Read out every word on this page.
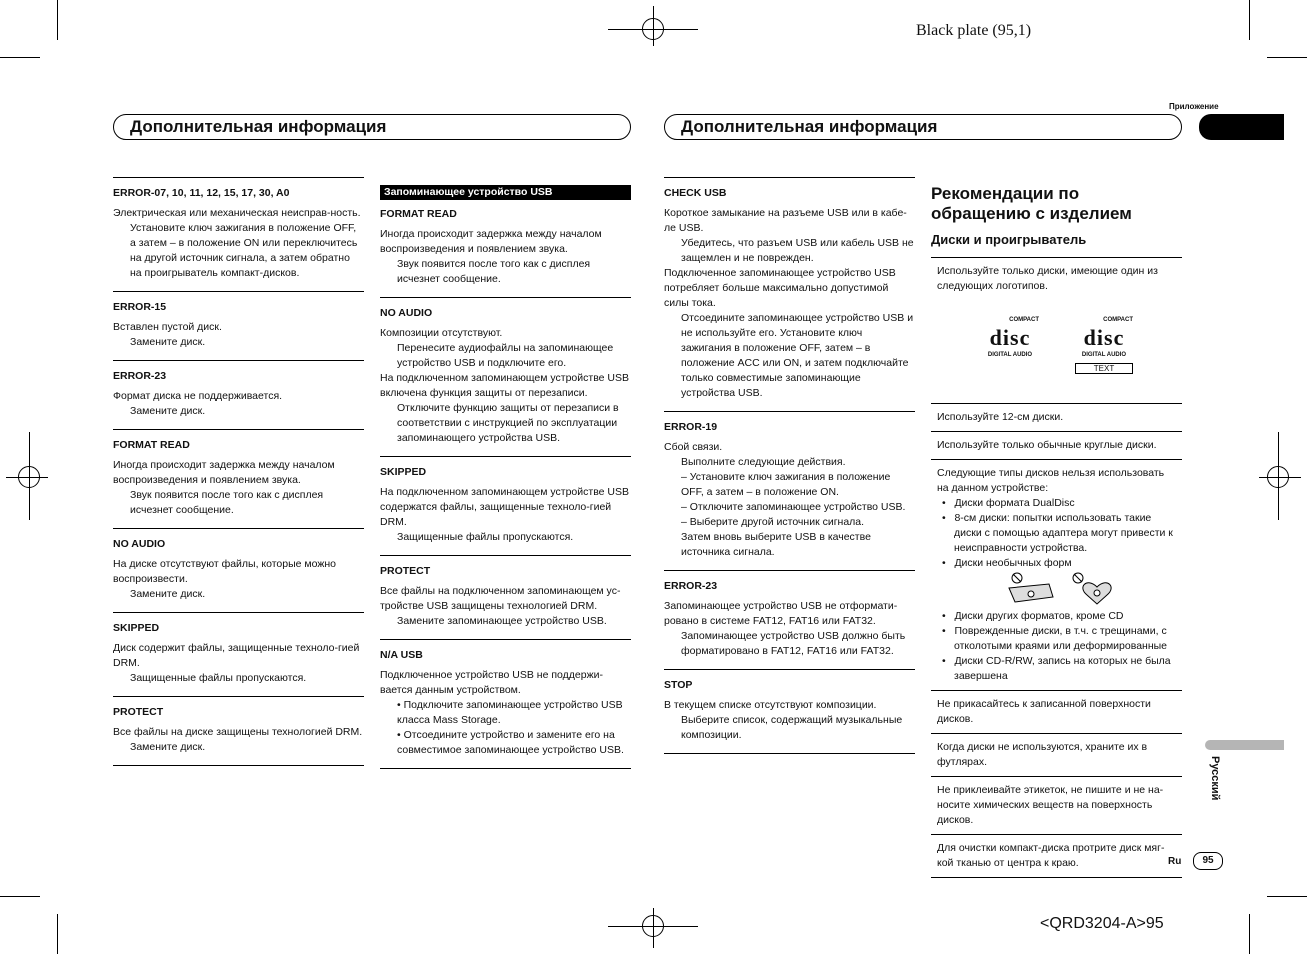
Black plate (95,1)
<QRD3204-A>95
Дополнительная информация	Дополнительная информация
Приложение
Русский
Ru	95

ERROR-07, 10, 11, 12, 15, 17, 30, A0

Электрическая или механическая неисправ-ность.

Установите ключ зажигания в положение OFF, а затем – в положение ON или переключитесь на другой источник сигнала, а затем обратно на проигрыватель компакт-дисков.

ERROR-15

Вставлен пустой диск.

Замените диск.

ERROR-23

Формат диска не поддерживается.

Замените диск.

FORMAT READ

Иногда происходит задержка между началом воспроизведения и появлением звука.

Звук появится после того как с дисплея исчезнет сообщение.

NO AUDIO

На диске отсутствуют файлы, которые можно воспроизвести.

Замените диск.

SKIPPED

Диск содержит файлы, защищенные техноло-гией DRM.

Защищенные файлы пропускаются.

PROTECT

Все файлы на диске защищены технологией DRM.

Замените диск.

Запоминающее устройство USB

FORMAT READ

Иногда происходит задержка между началом воспроизведения и появлением звука.

Звук появится после того как с дисплея исчезнет сообщение.

NO AUDIO

Композиции отсутствуют.

Перенесите аудиофайлы на запоминающее устройство USB и подключите его.

На подключенном запоминающем устройстве USB включена функция защиты от перезаписи.

Отключите функцию защиты от перезаписи в соответствии с инструкцией по эксплуатации запоминающего устройства USB.

SKIPPED

На подключенном запоминающем устройстве USB содержатся файлы, защищенные техноло-гией DRM.

Защищенные файлы пропускаются.

PROTECT

Все файлы на подключенном запоминающем ус-тройстве USB защищены технологией DRM.

Замените запоминающее устройство USB.

N/A USB

Подключенное устройство USB не поддержи-вается данным устройством.

• Подключите запоминающее устройство USB класса Mass Storage.

• Отсоедините устройство и замените его на совместимое запоминающее устройство USB.

CHECK USB

Короткое замыкание на разъеме USB или в кабе-ле USB.

Убедитесь, что разъем USB или кабель USB не защемлен и не поврежден.

Подключенное запоминающее устройство USB потребляет больше максимально допустимой силы тока.

Отсоедините запоминающее устройство USB и не используйте его. Установите ключ зажигания в положение OFF, затем – в положение ACC или ON, и затем подключайте только совместимые запоминающие устройства USB.

ERROR-19

Сбой связи.

Выполните следующие действия.

– Установите ключ зажигания в положение OFF, а затем – в положение ON.

– Отключите запоминающее устройство USB.

– Выберите другой источник сигнала.

Затем вновь выберите USB в качестве источника сигнала.

ERROR-23

Запоминающее устройство USB не отформати-ровано в системе FAT12, FAT16 или FAT32.

Запоминающее устройство USB должно быть форматировано в FAT12, FAT16 или FAT32.

STOP

В текущем списке отсутствуют композиции.

Выберите список, содержащий музыкальные композиции.

Рекомендации по обращению с изделием
Диски и проигрыватель

Используйте только диски, имеющие один из следующих логотипов.

COMPACT
disc
DIGITAL AUDIO
COMPACT
disc
DIGITAL AUDIO
TEXT

Используйте 12-см диски.

Используйте только обычные круглые диски.

Следующие типы дисков нельзя использовать на данном устройстве:

•   Диски формата DualDisc

•   8-см диски: попытки использовать такие диски с помощью адаптера могут привести к неисправности устройства.

•   Диски необычных форм

•   Диски других форматов, кроме CD

•   Поврежденные диски, в т.ч. с трещинами, с отколотыми краями или деформированные

•   Диски CD-R/RW, запись на которых не была завершена

Не прикасайтесь к записанной поверхности дисков.

Когда диски не используются, храните их в футлярах.

Не приклеивайте этикеток, не пишите и не на-носите химических веществ на поверхность дисков.

Для очистки компакт-диска протрите диск мяг-кой тканью от центра к краю.
